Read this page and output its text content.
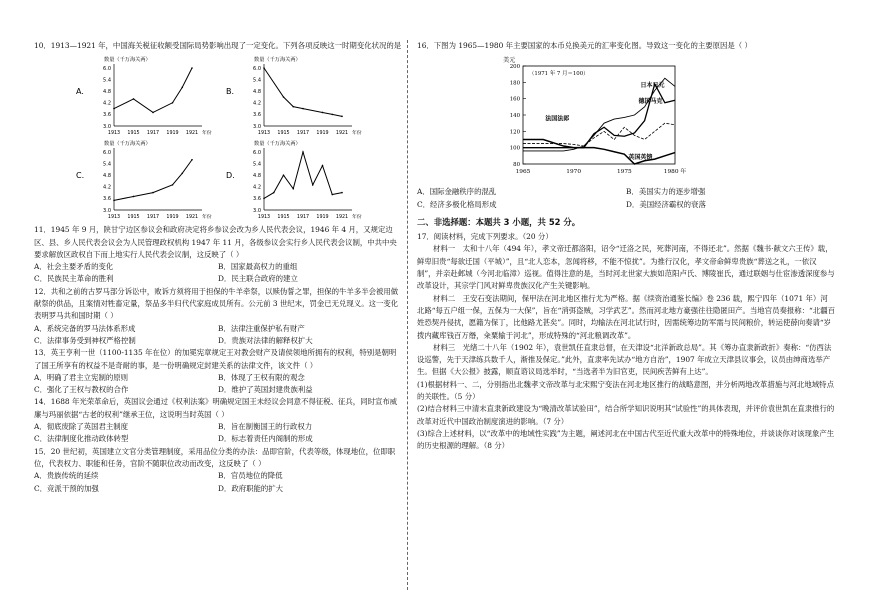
10．1913—1921 年，中国海关税征收额受国际局势影响出现了一定变化。下列各项反映这一时期变化状况的是

A.
数量（千万海关两）
3.0
3.6
4.2
4.8
5.4
6.0
1913 1915 1917 1919 1921 年份
B.
数量（千万海关两）
3.0
3.6
4.2
4.8
5.4
6.0
1913 1915 1917 1919 1921 年份
C.
数量（千万海关两）
3.0
3.6
4.2
4.8
5.4
6.0
1913 1915 1917 1919 1921 年份
D.
数量（千万海关两）
3.0
3.6
4.2
4.8
5.4
6.0
1913 1915 1917 1919 1921 年份

11．1945 年 9 月，陕甘宁边区参议会和政府决定将乡参议会改为乡人民代表会议，1946 年 4 月，又规定边区、县、乡人民代表会议会为人民管理政权机构 1947 年 11 月，各级参议会实行乡人民代表会议制，中共中央要求解放区政权自下而上地实行人民代表会议制，这反映了（ ）

A．社会主要矛盾的变化	B．国家最高权力的重组
C．民族民主革命的胜利	D．民主联合政府的建立

12．共和之前的古罗马部分诉讼中，败诉方须将用于担保的牛羊牵祭，以赎伪誓之罪，担保的牛羊多半会被用做献祭的供品，且案情对牲畜定量，祭品多半归代代家庭成员所有。公元前 3 世纪末，罚金已无兑现义。这一变化表明罗马共和国时期（ ）

A．系统完备的罗马法体系形成	B．法律注重保护私有财产
C．法律事务受到神权严格控制	D．贵族对法律的解释权扩大

13．英王亨利一世（1100-1135 年在位）的加冕宪章规定王对教会财产及请侯领地所拥有的权利，特别是朝明了国王所享有的权益不是奇耐的事，是一份明确规定封建关系的法律文件，该文件（ ）

A．明确了君主立宪制的原则	B．体现了王权有限的观念
C．强化了王权与教权的合作	D．维护了英国封建贵族利益

14．1688 年光荣革命后，英国议会通过《权利法案》明确规定国王未经议会同意不得征税、征兵，同时宣布威廉与玛丽依据“古老的权利”继承王位，这说明当时英国（ ）

A．彻底废除了英国君主制度	B．旨在制衡国王的行政权力
C．法律制度化推动政体转型	D．标志着责任内阁制的形成

15．20 世纪初，英国建立文官分类管理制度，采用品位分类的办法：品即官阶，代表等级，体现地位，位即职位，代表权力、职能和任务，官阶不随职位改动而改变，这反映了（ ）

A．贵族传统的延续	B．官员地位的降低
C．竞派干预的加强	D．政府职能的扩大

16．下图为 1965—1980 年主要国家的本币兑换美元的汇率变化图。导致这一变化的主要原因是（ ）

美元
（1971 年 7 月＝100）
80
100
120
140
160
180
200
1965	1970	1975	1980 年
日本日元
德国马克
法国法郎
英国英镑
A．国际金融秩序的混乱	B．美国实力的逐步增强
C．经济多极化格局形成	D．美国经济霸权的衰落

二、非选择题：本题共 3 小题，共 52 分。

17．阅读材料，完成下列要求。（20 分）

材料一　太和十八年（494 年），孝文帝迁都洛阳，诏令“迁洛之民，死葬河南，不得还北”。然据《魏书·献文六王传》载，鲜卑旧贵“每欲迁国（平城）”，且“北人恋本，忽闻将移，不能不惊扰”。为推行汉化，孝文帝命鲜卑贵族“葬送之礼，一依汉制”，并亲赴邺城（今河北临漳）巡视。值得注意的是，当时河北世家大族如范阳卢氏、博陵崔氏，通过联姻与仕宦渗透深度参与改革设计，其宗学门风对鲜卑贵族汉化产生关键影响。

材料二　王安石变法期间，保甲法在河北地区推行尤为严格。据《续资治通鉴长编》卷 236 载，熙宁四年（1071 年）河北路“每五户组一保，五保为一大保”，旨在“消弭盗贼，习学武艺”。然而河北地方豪强往往隐匿田产。当地官员奏报称：“北疆百姓恐契丹侵扰，愿籍为保丁，比他路尤甚矣”。同时，均输法在河北试行时，因需统筹边防军需与民间粮价，转运使薛向奏请“岁拨内藏库钱百万缗，籴粟输于河北”，形成特殊的“河北粮调改革”。

材料三　光绪二十八年（1902 年），袁世凯任直隶总督，在天津设“北洋新政总局”。其《筹办直隶新政折》奏称：“仿西法设巡警，先于天津练兵数千人，渐推及保定。”此外，直隶率先试办“地方自治”，1907 年成立天津县议事会，议员由绅商选举产生。但据《大公报》披露，顺直谘议局选举时，“当选者半为旧官吏，民间疾苦鲜有上达”。

(1)根据材料一、二，分别指出北魏孝文帝改革与北宋熙宁变法在河北地区推行的战略意图，并分析两地改革措施与河北地域特点的关联性。（5 分）

(2)结合材料三中清末直隶新政建设为“晚清改革试验田”，结合所学知识说明其“试验性”的具体表现，并评价袁世凯在直隶推行的改革对近代中国政治制度演进的影响。（7 分）

(3)综合上述材料，以“改革中的地域性实践”为主题，阐述河北在中国古代至近代重大改革中的特殊地位，并谈谈你对该现象产生的历史根源的理解。（8 分）
